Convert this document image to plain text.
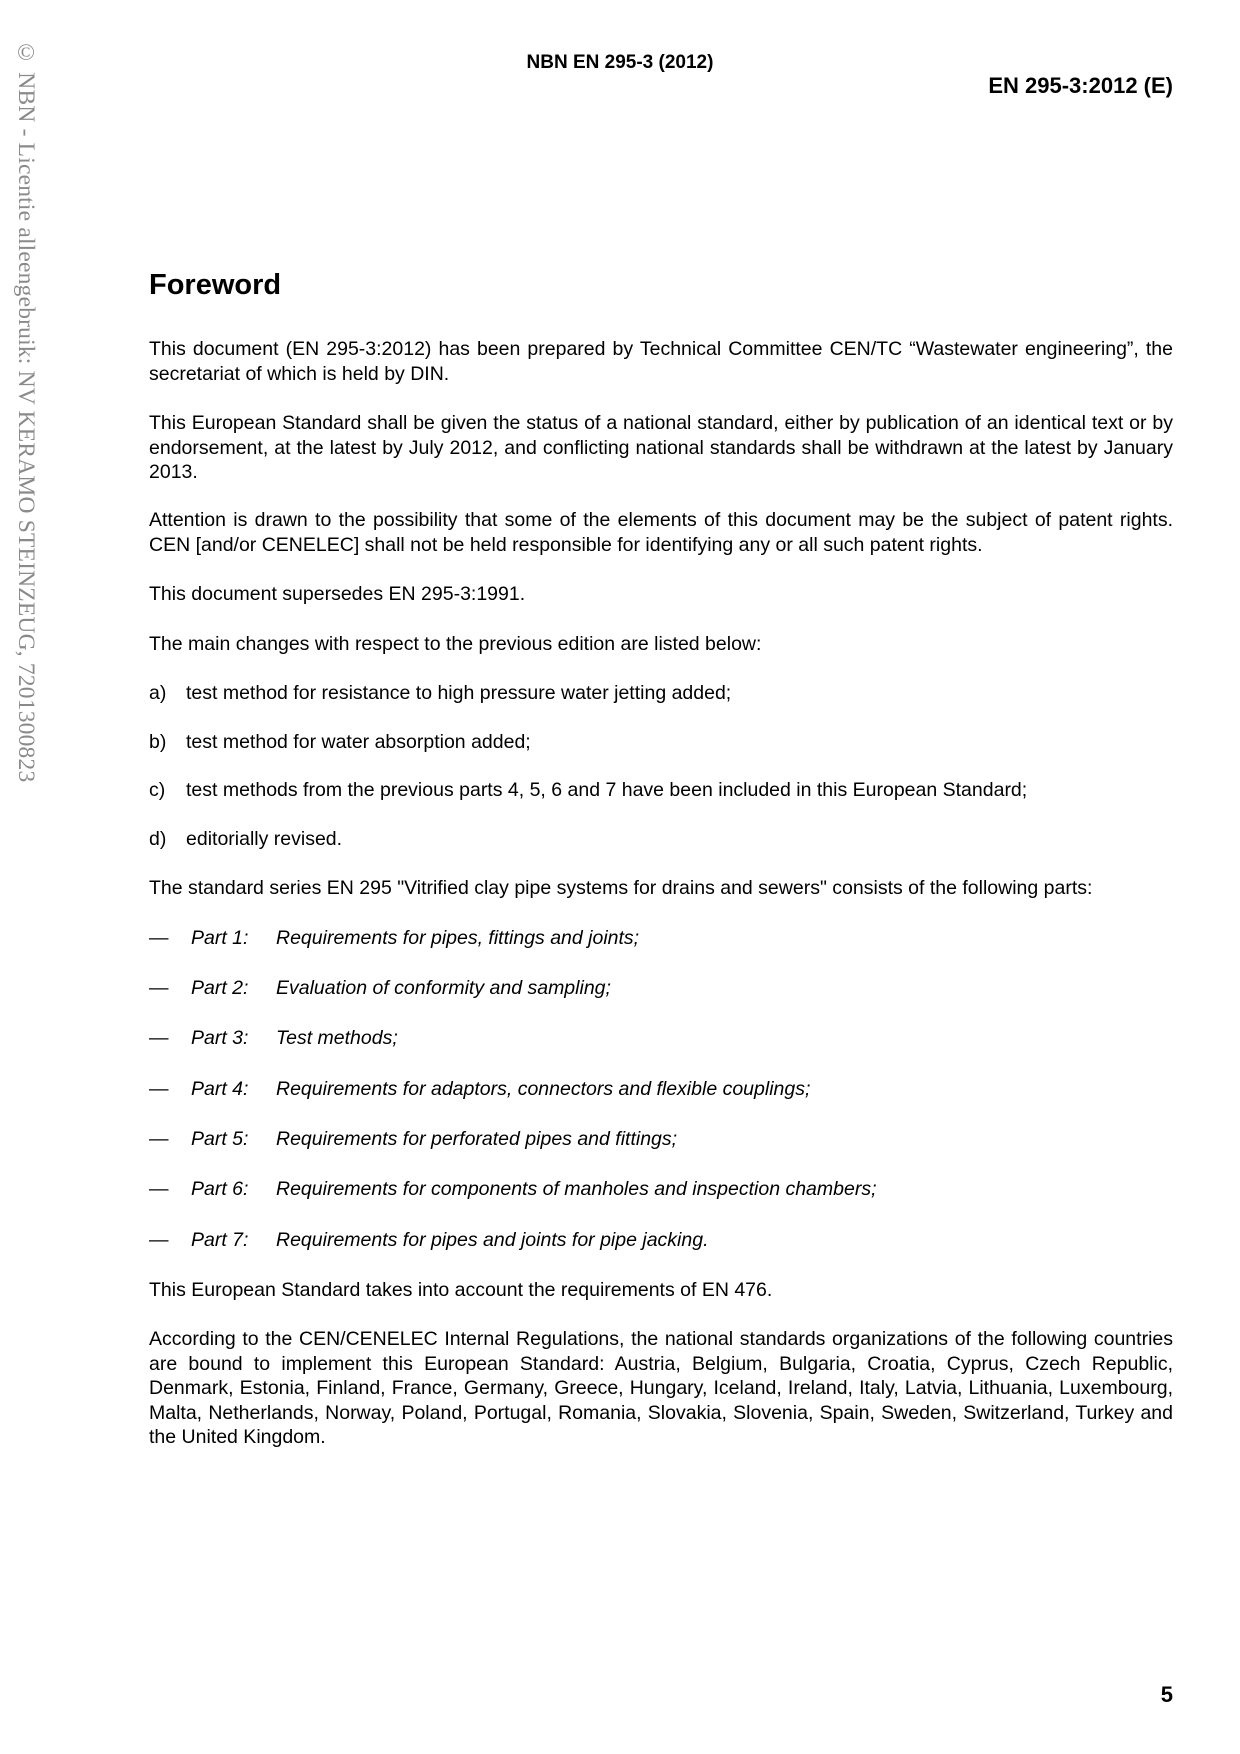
© NBN - Licentie alleengebruik: NV KERAMO STEINZEUG, 7201300823	NBN EN 295-3 (2012)
EN 295-3:2012 (E)
Foreword

This document (EN 295-3:2012) has been prepared by Technical Committee CEN/TC “Wastewater engineering”, the secretariat of which is held by DIN.

This European Standard shall be given the status of a national standard, either by publication of an identical text or by endorsement, at the latest by July 2012, and conflicting national standards shall be withdrawn at the latest by January 2013.

Attention is drawn to the possibility that some of the elements of this document may be the subject of patent rights. CEN [and/or CENELEC] shall not be held responsible for identifying any or all such patent rights.

This document supersedes EN 295-3:1991.

The main changes with respect to the previous edition are listed below:

a) test method for resistance to high pressure water jetting added;
b) test method for water absorption added;
c) test methods from the previous parts 4, 5, 6 and 7 have been included in this European Standard;
d) editorially revised.

The standard series EN 295 "Vitrified clay pipe systems for drains and sewers" consists of the following parts:

— Part 1: Requirements for pipes, fittings and joints;
— Part 2: Evaluation of conformity and sampling;
— Part 3: Test methods;
— Part 4: Requirements for adaptors, connectors and flexible couplings;
— Part 5: Requirements for perforated pipes and fittings;
— Part 6: Requirements for components of manholes and inspection chambers;
— Part 7: Requirements for pipes and joints for pipe jacking.

This European Standard takes into account the requirements of EN 476.

According to the CEN/CENELEC Internal Regulations, the national standards organizations of the following countries are bound to implement this European Standard: Austria, Belgium, Bulgaria, Croatia, Cyprus, Czech Republic, Denmark, Estonia, Finland, France, Germany, Greece, Hungary, Iceland, Ireland, Italy, Latvia, Lithuania, Luxembourg, Malta, Netherlands, Norway, Poland, Portugal, Romania, Slovakia, Slovenia, Spain, Sweden, Switzerland, Turkey and the United Kingdom.

5
